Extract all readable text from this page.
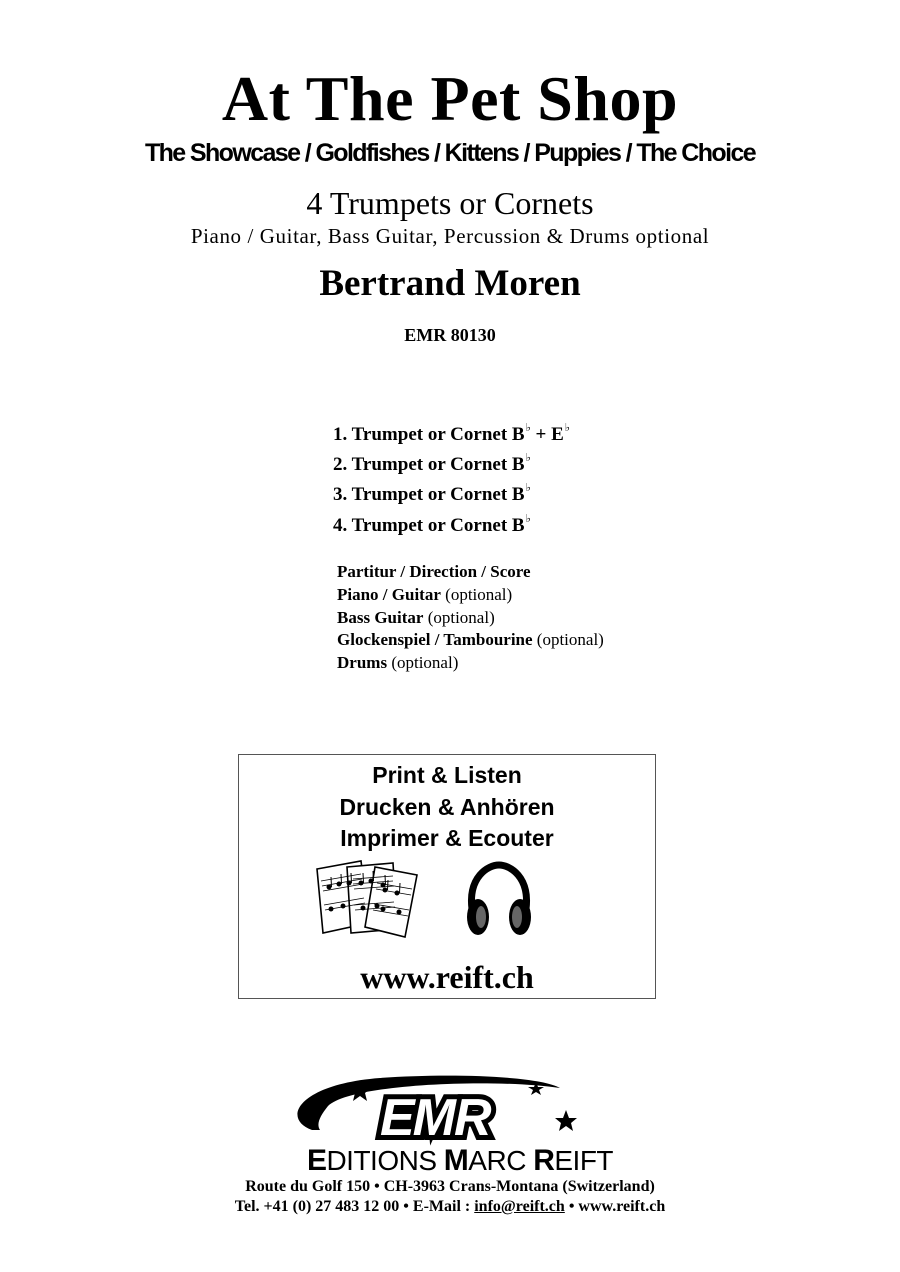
At The Pet Shop
The Showcase / Goldfishes / Kittens / Puppies / The Choice
4 Trumpets or Cornets
Piano / Guitar, Bass Guitar, Percussion & Drums optional
Bertrand Moren
EMR 80130
1. Trumpet or Cornet B♭ + E♭
2. Trumpet or Cornet B♭
3. Trumpet or Cornet B♭
4. Trumpet or Cornet B♭
Partitur / Direction / Score
Piano / Guitar (optional)
Bass Guitar (optional)
Glockenspiel / Tambourine (optional)
Drums (optional)
Print & Listen
Drucken & Anhören
Imprimer & Ecouter
www.reift.ch
EMR
EDITIONS MARC REIFT
Route du Golf 150 • CH-3963 Crans-Montana (Switzerland)
Tel. +41 (0) 27 483 12 00 • E-Mail : info@reift.ch • www.reift.ch
